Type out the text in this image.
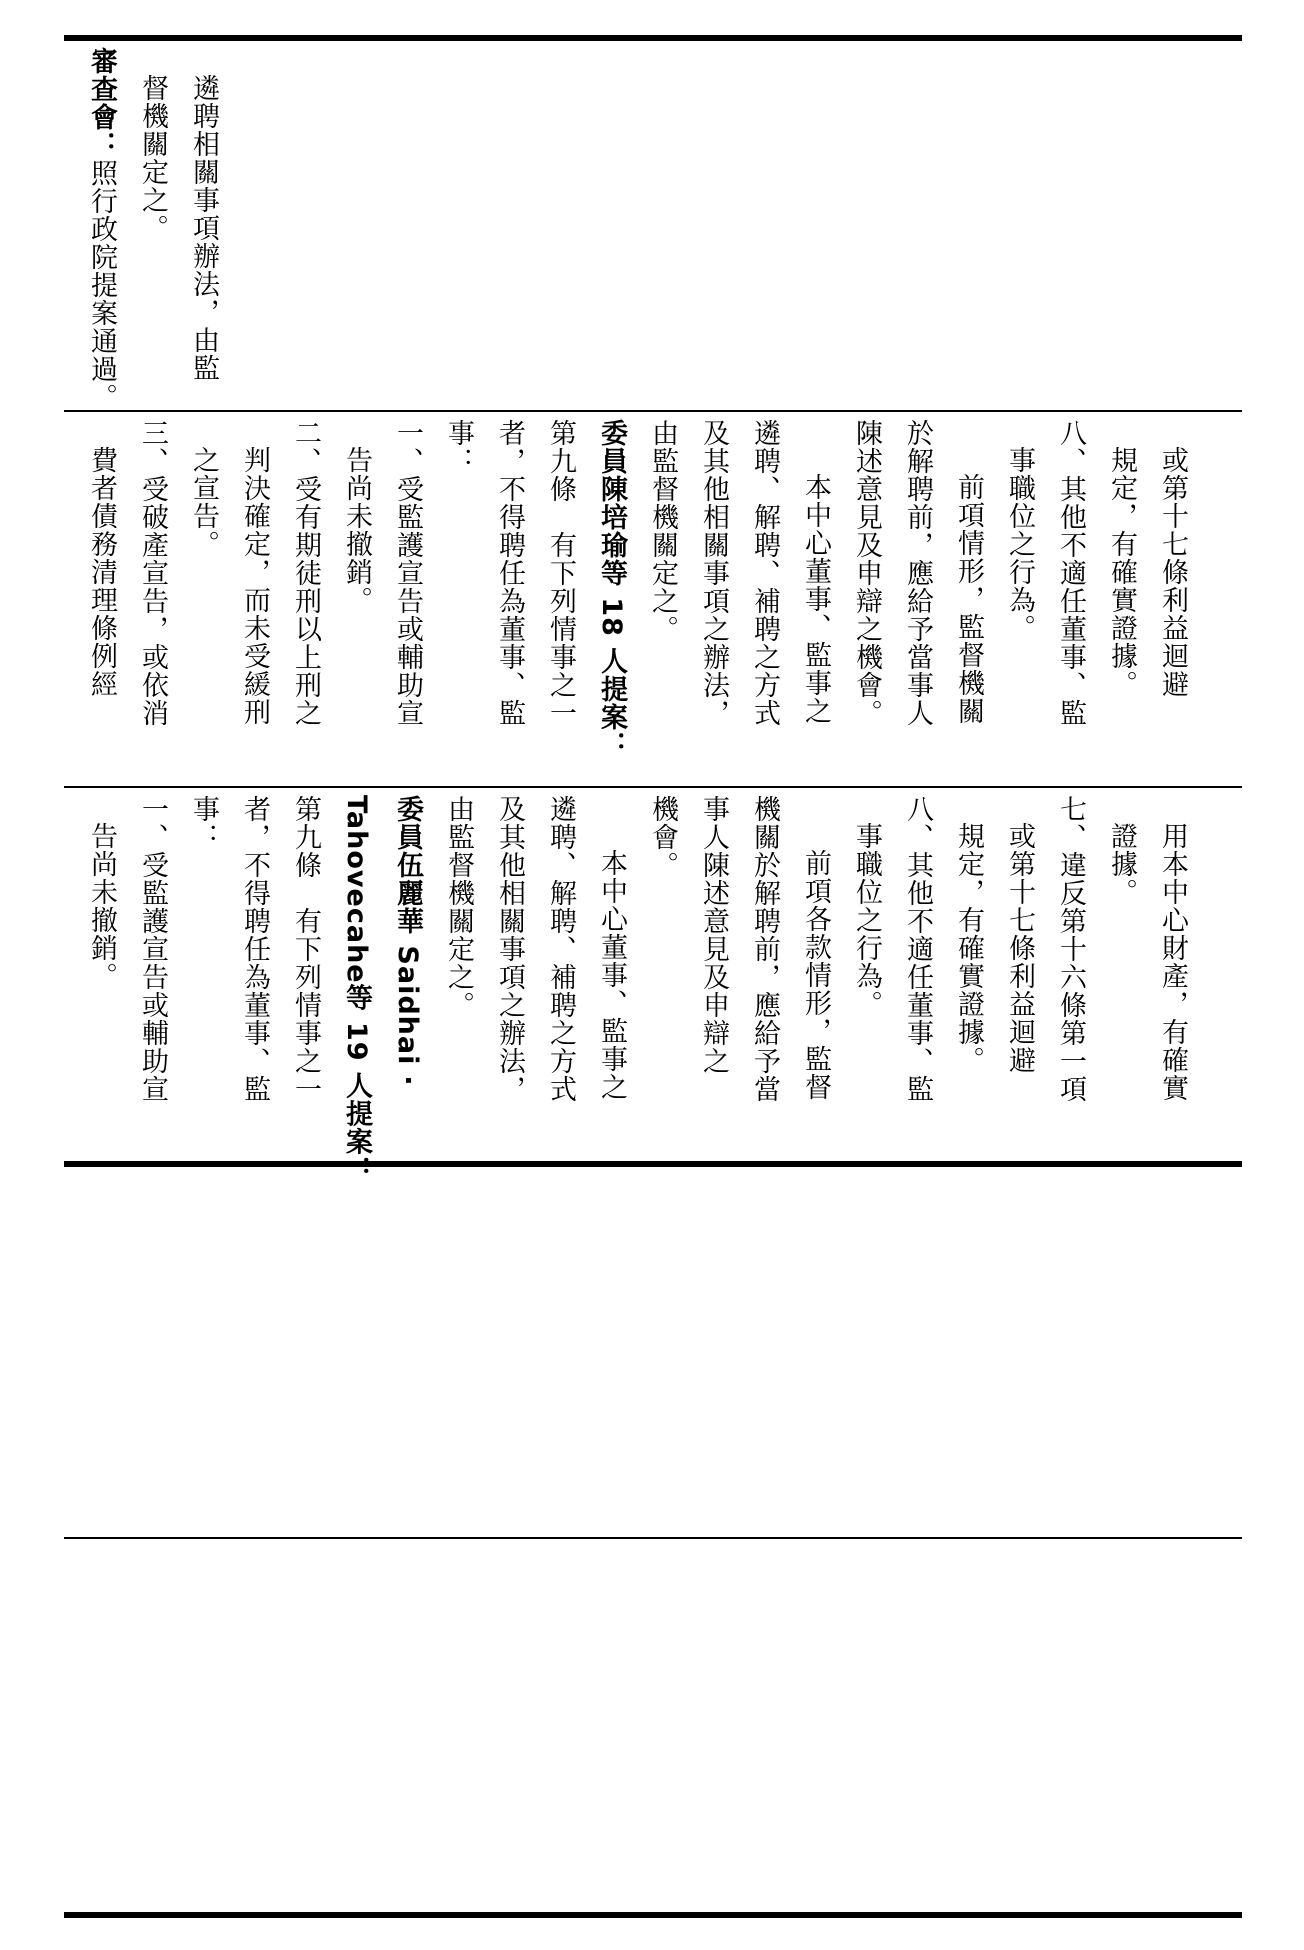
遴聘相關事項辦法，由監
督機關定之。
審查會：照行政院提案通過。
或第十七條利益迴避
規定，有確實證據。
八、其他不適任董事、監
事職位之行為。
前項情形，監督機關
於解聘前，應給予當事人
陳述意見及申辯之機會。
本中心董事、監事之
遴聘、解聘、補聘之方式
及其他相關事項之辦法，
由監督機關定之。
委員陳培瑜等 18 人提案：
第九條　有下列情事之一
者，不得聘任為董事、監
事：
一、受監護宣告或輔助宣
告尚未撤銷。
二、受有期徒刑以上刑之
判決確定，而未受緩刑
之宣告。
三、受破產宣告，或依消
費者債務清理條例經
用本中心財產，有確實
證據。
七、違反第十六條第一項
或第十七條利益迴避
規定，有確實證據。
八、其他不適任董事、監
事職位之行為。
前項各款情形，監督
機關於解聘前，應給予當
事人陳述意見及申辯之
機會。
本中心董事、監事之
遴聘、解聘、補聘之方式
及其他相關事項之辦法，
由監督機關定之。
委員伍麗華 Saidhai ‧
Tahovecahe等 19 人提案：
第九條　有下列情事之一
者，不得聘任為董事、監
事：
一、受監護宣告或輔助宣
告尚未撤銷。
